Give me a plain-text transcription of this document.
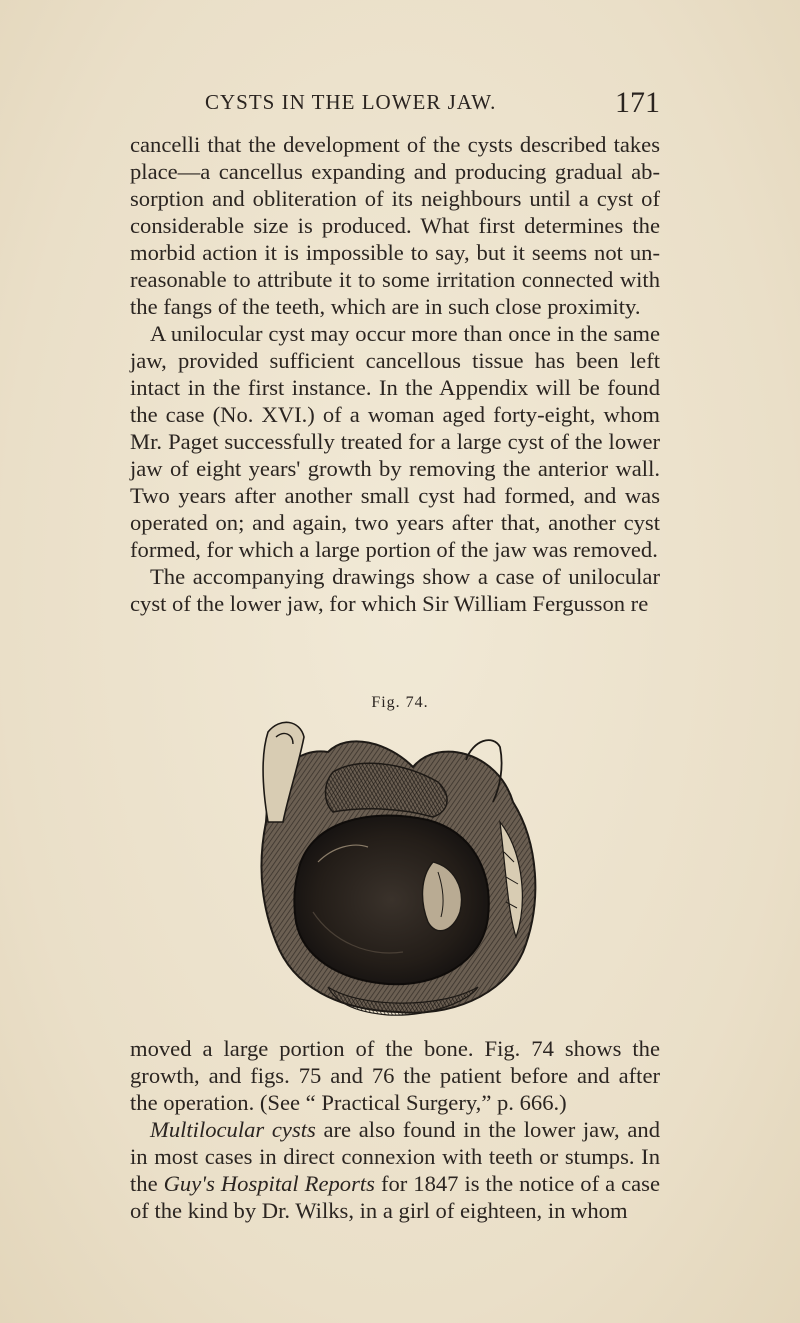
CYSTS IN THE LOWER JAW.	171

cancelli that the development of the cysts described takes place—a cancellus expanding and producing gradual absorption and obliteration of its neighbours until a cyst of considerable size is produced. What first determines the morbid action it is impossible to say, but it seems not unreasonable to attribute it to some irritation connected with the fangs of the teeth, which are in such close proximity.

A unilocular cyst may occur more than once in the same jaw, provided sufficient cancellous tissue has been left intact in the first instance. In the Appendix will be found the case (No. XVI.) of a woman aged forty-eight, whom Mr. Paget successfully treated for a large cyst of the lower jaw of eight years' growth by removing the anterior wall. Two years after another small cyst had formed, and was operated on; and again, two years after that, another cyst formed, for which a large portion of the jaw was removed.

The accompanying drawings show a case of unilocular cyst of the lower jaw, for which Sir William Fergusson re

Fig. 74.

moved a large portion of the bone. Fig. 74 shows the growth, and figs. 75 and 76 the patient before and after the operation. (See “ Practical Surgery,” p. 666.)

Multilocular cysts are also found in the lower jaw, and in most cases in direct connexion with teeth or stumps. In the Guy's Hospital Reports for 1847 is the notice of a case of the kind by Dr. Wilks, in a girl of eighteen, in whom
